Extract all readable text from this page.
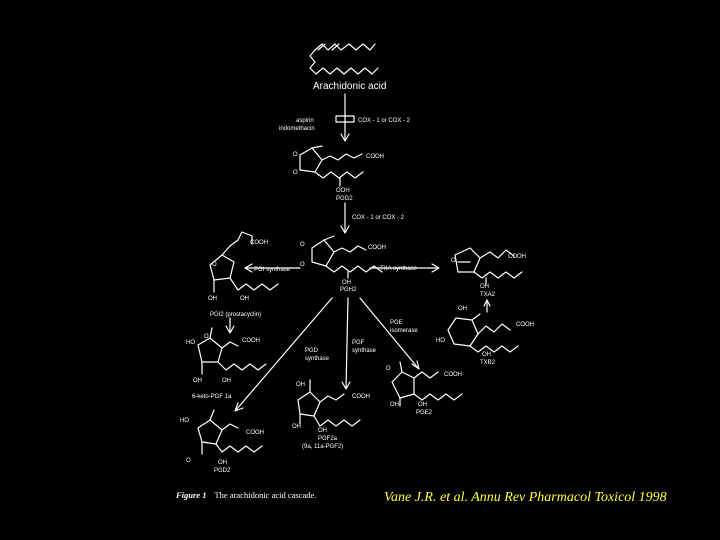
Arachidonic acid
aspirin	COX - 1 or COX - 2
indomethacin
O
O
COOH
OOH
PGG2
COX - 1 or COX - 2
O
O
COOH
OH
PGH2
PGI synthase	TXA synthase
COOH
O
OH	OH
PGI2 (prostacyclin)
COOH
O
OH
TXA2
OH
COOH
HO
OH
TXB2
PGE
isomerase
PGD
synthase
PGF
synthase
O
HO	COOH
OH	OH
6-keto-PGF 1a
O
COOH
OH	OH
PGE2
OH
COOH
OH
OH
PGF2a
(9a, 11a-PGF2)
HO
COOH
O	OH
PGD2
Figure 1 The arachidonic acid cascade.	Vane J.R. et al. Annu Rev Pharmacol Toxicol 1998
